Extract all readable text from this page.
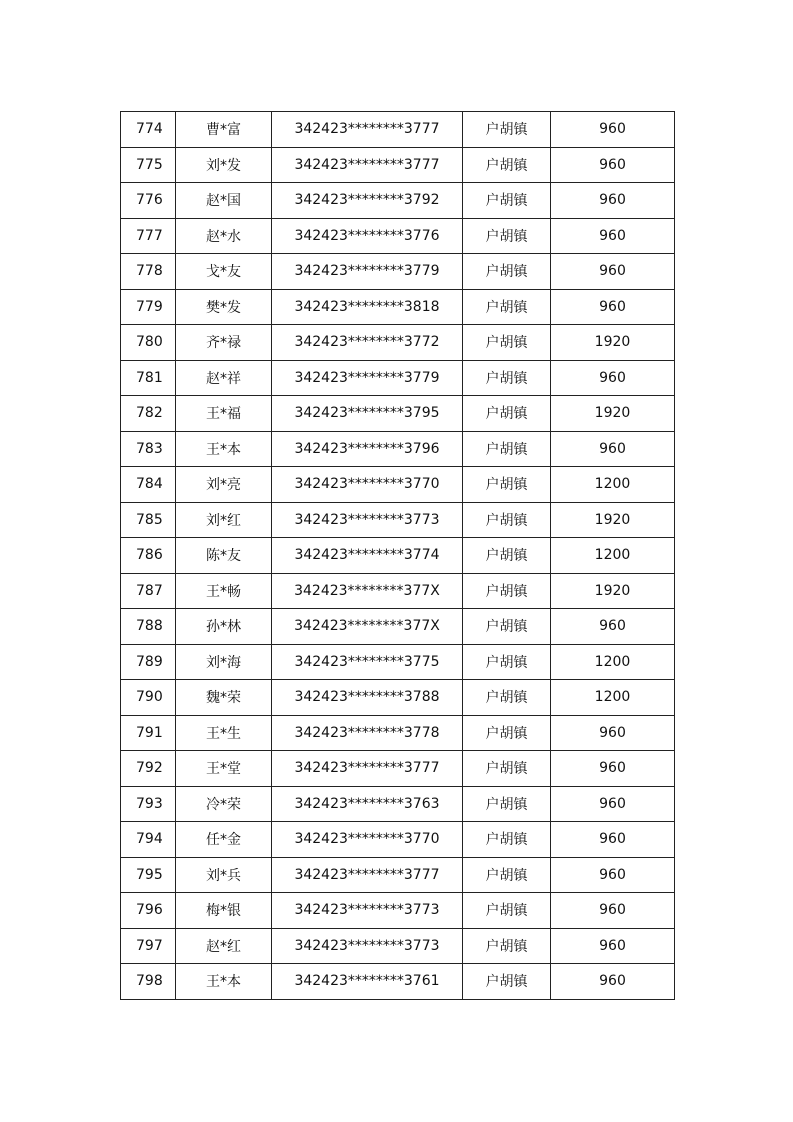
774	曹*富	342423********3777	户胡镇	960
775	刘*发	342423********3777	户胡镇	960
776	赵*国	342423********3792	户胡镇	960
777	赵*水	342423********3776	户胡镇	960
778	戈*友	342423********3779	户胡镇	960
779	樊*发	342423********3818	户胡镇	960
780	齐*禄	342423********3772	户胡镇	1920
781	赵*祥	342423********3779	户胡镇	960
782	王*福	342423********3795	户胡镇	1920
783	王*本	342423********3796	户胡镇	960
784	刘*亮	342423********3770	户胡镇	1200
785	刘*红	342423********3773	户胡镇	1920
786	陈*友	342423********3774	户胡镇	1200
787	王*畅	342423********377X	户胡镇	1920
788	孙*林	342423********377X	户胡镇	960
789	刘*海	342423********3775	户胡镇	1200
790	魏*荣	342423********3788	户胡镇	1200
791	王*生	342423********3778	户胡镇	960
792	王*堂	342423********3777	户胡镇	960
793	冷*荣	342423********3763	户胡镇	960
794	任*金	342423********3770	户胡镇	960
795	刘*兵	342423********3777	户胡镇	960
796	梅*银	342423********3773	户胡镇	960
797	赵*红	342423********3773	户胡镇	960
798	王*本	342423********3761	户胡镇	960
